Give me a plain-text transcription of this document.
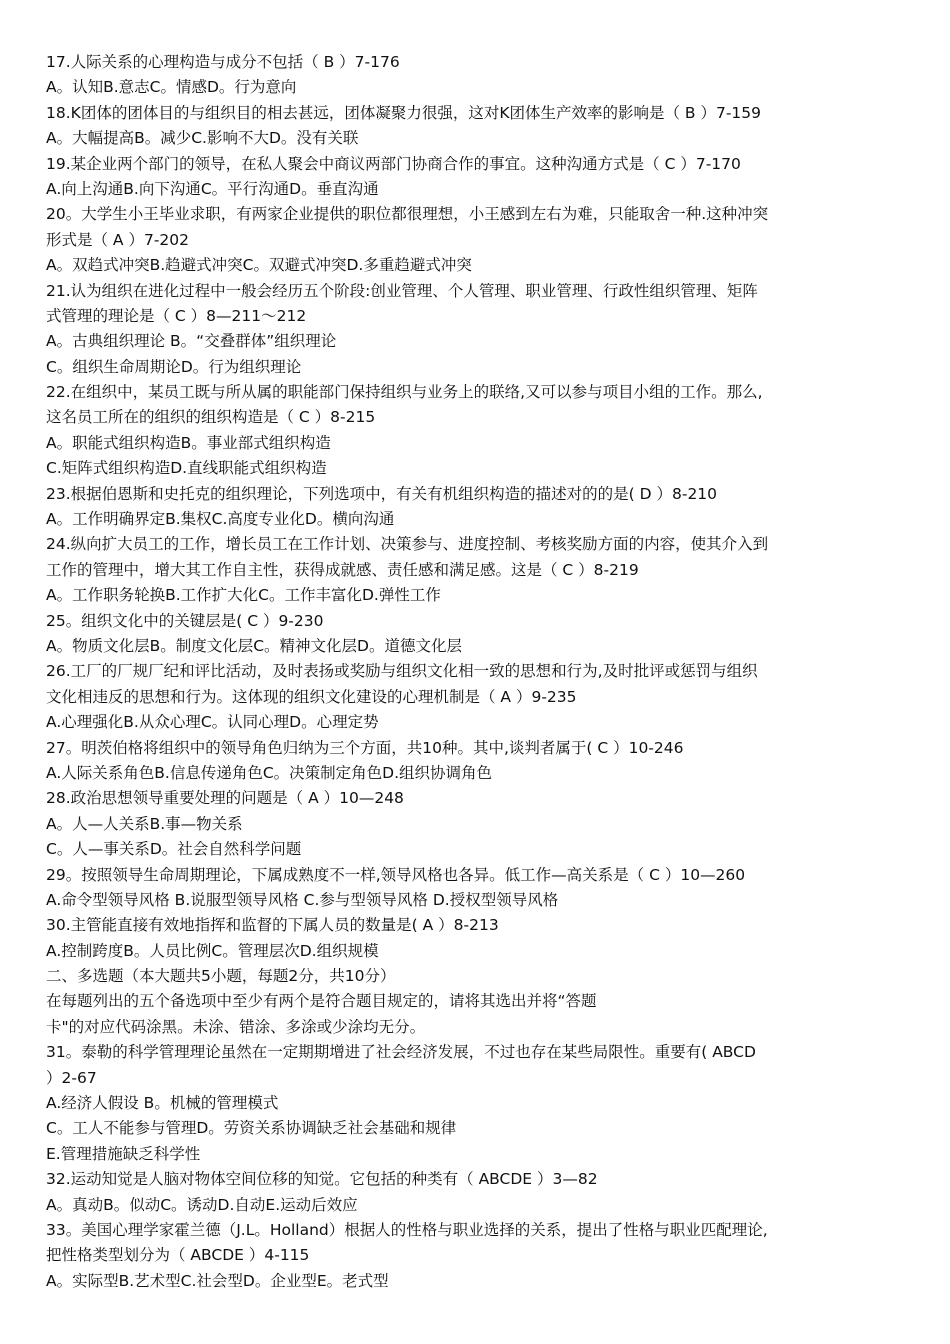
17.人际关系的心理构造与成分· · · 不包括（ B ）7-176
A。认知B.意志C。情感D。行为意向
18.K团体的团体目的与组织目的相去甚远，团体凝聚力很强，这对K团体生产效率的影响是（ B ）7-159
A。大幅提高B。减少C.影响不大D。没有关联
19.某企业两个部门的领导，在私人聚会中商议两部门协商合作的事宜。这种沟通方式是（ C ）7-170
A.向上沟通B.向下沟通C。平行沟通D。垂直沟通
20。大学生小王毕业求职，有两家企业提供的职位都很理想，小王感到左右为难，只能取舍一种.这种冲突
形式是（ A ）7-202
A。双趋式冲突B.趋避式冲突C。双避式冲突D.多重趋避式冲突
21.认为组织在进化过程中一般会经历五个阶段:创业管理、个人管理、职业管理、行政性组织管理、矩阵
式管理的理论是（ C ）8—211～212
A。古典组织理论 B。“交叠群体”组织理论
C。组织生命周期论D。行为组织理论
22.在组织中，某员工既与所从属的职能部门保持组织与业务上的联络,又可以参与项目小组的工作。那么,
这名员工所在的组织的组织构造是（ C ）8-215
A。职能式组织构造B。事业部式组织构造
C.矩阵式组织构造D.直线职能式组织构造
23.根据伯恩斯和史托克的组织理论，下列选项中，有关有机组织构造的描述对的的是( D ）8-210
A。工作明确界定B.集权C.高度专业化D。横向沟通
24.纵向扩大员工的工作，增长员工在工作计划、决策参与、进度控制、考核奖励方面的内容，使其介入到
工作的管理中，增大其工作自主性，获得成就感、责任感和满足感。这是（ C ）8-219
A。工作职务轮换B.工作扩大化C。工作丰富化D.弹性工作
25。组织文化中的关键层是( C ）9-230
A。物质文化层B。制度文化层C。精神文化层D。道德文化层
26.工厂的厂规厂纪和评比活动，及时表扬或奖励与组织文化相一致的思想和行为,及时批评或惩罚与组织
文化相违反的思想和行为。这体现的组织文化建设的心理机制是（ A ）9-235
A.心理强化B.从众心理C。认同心理D。心理定势
27。明茨伯格将组织中的领导角色归纳为三个方面，共10种。其中,谈判者属于( C ）10-246
A.人际关系角色B.信息传递角色C。决策制定角色D.组织协调角色
28.政治思想领导重要处理的问题是（ A ）10—248
A。人—人关系B.事—物关系
C。人—事关系D。社会自然科学问题
29。按照领导生命周期理论，下属成熟度不一样,领导风格也各异。低工作—高关系是（ C ）10—260
A.命令型领导风格 B.说服型领导风格 C.参与型领导风格 D.授权型领导风格
30.主管能直接有效地指挥和监督的下属人员的数量是( A ）8-213
A.控制跨度B。人员比例C。管理层次D.组织规模
二、多选题（本大题共5小题，每题2分，共10分）
在每题列出的五个备选项中至少有两个是符合题目规定的，请将其选出并将“答题
卡"的对应代码涂黑。未涂、错涂、多涂或少涂均无分。
31。泰勒的科学管理理论虽然在一定期期增进了社会经济发展，不过也存在某些局限性。重要有( ABCD
）2-67
A.经济人假设 B。机械的管理模式
C。工人不能参与管理D。劳资关系协调缺乏社会基础和规律
E.管理措施缺乏科学性
32.运动知觉是人脑对物体空间位移的知觉。它包括的种类有（ ABCDE ）3—82
A。真动B。似动C。诱动D.自动E.运动后效应
33。美国心理学家霍兰德（J.L。Holland）根据人的性格与职业选择的关系，提出了性格与职业匹配理论,
把性格类型划分为（ ABCDE ）4-115
A。实际型B.艺术型C.社会型D。企业型E。老式型
